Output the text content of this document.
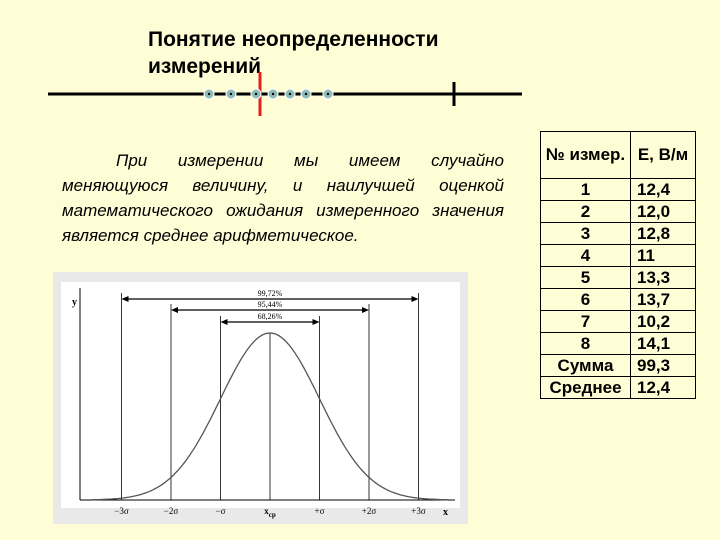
Понятие неопределенности измерений

При измерении мы имеем случайно меняющуюся величину, и наилучшей оценкой математического ожидания измеренного значения является среднее арифметическое.

№ измер.	E, В/м
1	12,4
2	12,0
3	12,8
4	11
5	13,3
6	13,7
7	10,2
8	14,1
Сумма	99,3
Среднее	12,4
y
x
99,72%
95,44%
68,26%
−3σ	−2σ	−σ	$x_{cp}$	+σ	+2σ	+3σ
